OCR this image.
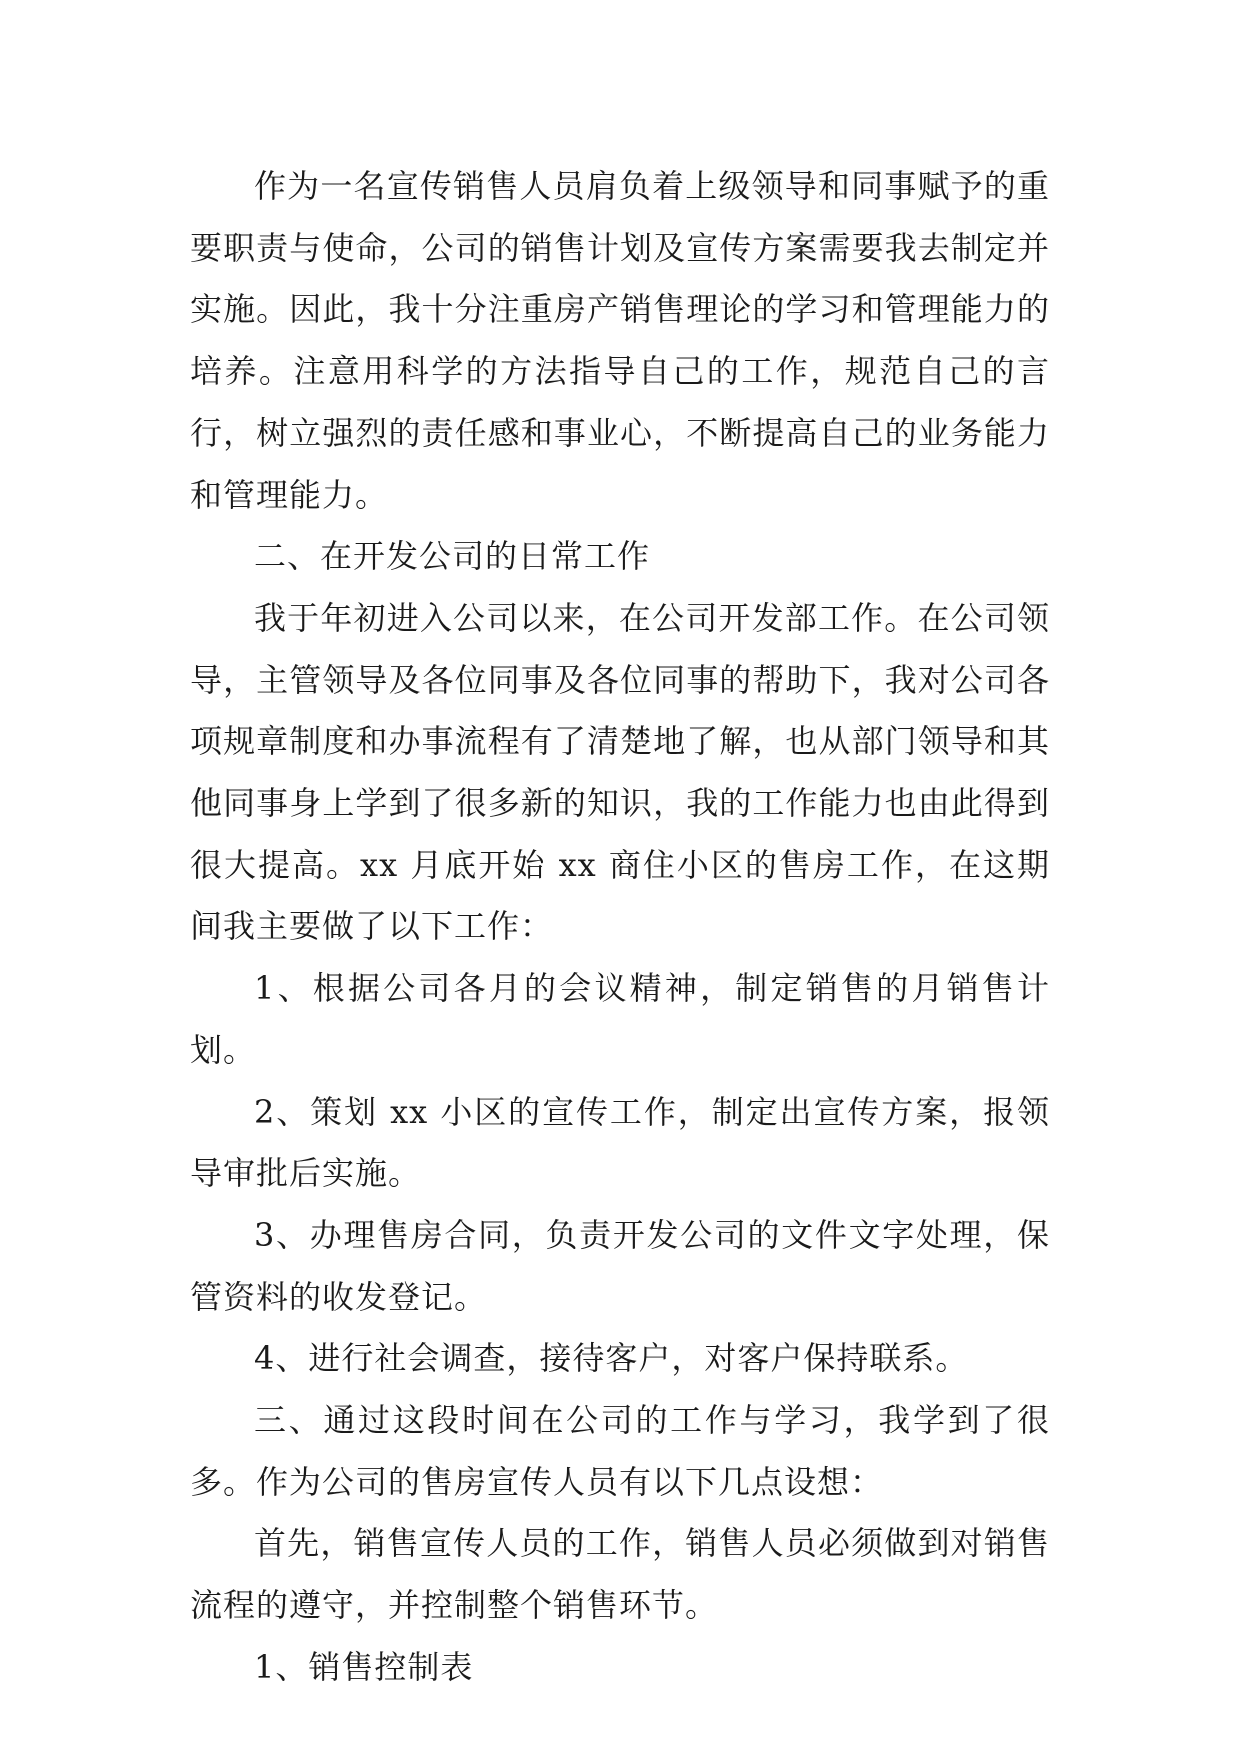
作为一名宣传销售人员肩负着上级领导和同事赋予的重要职责与使命，公司的销售计划及宣传方案需要我去制定并实施。因此，我十分注重房产销售理论的学习和管理能力的培养。注意用科学的方法指导自己的工作，规范自己的言行，树立强烈的责任感和事业心，不断提高自己的业务能力和管理能力。

二、在开发公司的日常工作

我于年初进入公司以来，在公司开发部工作。在公司领导，主管领导及各位同事及各位同事的帮助下，我对公司各项规章制度和办事流程有了清楚地了解，也从部门领导和其他同事身上学到了很多新的知识，我的工作能力也由此得到很大提高。xx 月底开始 xx 商住小区的售房工作，在这期间我主要做了以下工作：

1、根据公司各月的会议精神，制定销售的月销售计划。

2、策划 xx 小区的宣传工作，制定出宣传方案，报领导审批后实施。

3、办理售房合同，负责开发公司的文件文字处理，保管资料的收发登记。

4、进行社会调查，接待客户，对客户保持联系。

三、通过这段时间在公司的工作与学习，我学到了很多。作为公司的售房宣传人员有以下几点设想：

首先，销售宣传人员的工作，销售人员必须做到对销售流程的遵守，并控制整个销售环节。

1、销售控制表
